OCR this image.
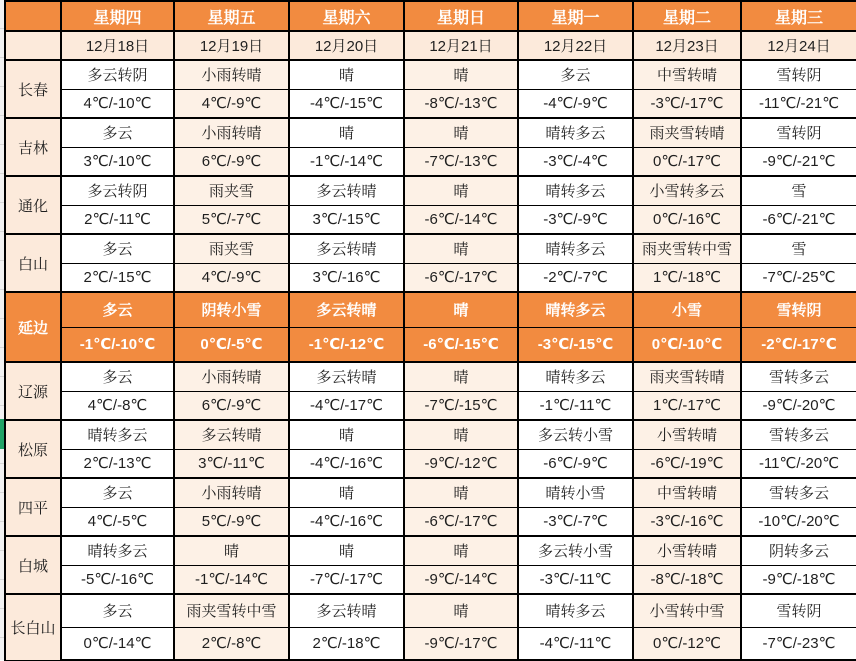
	星期四	星期五	星期六	星期日	星期一	星期二	星期三
	12月18日	12月19日	12月20日	12月21日	12月22日	12月23日	12月24日
长春	多云转阴	小雨转晴	晴	晴	多云	中雪转晴	雪转阴
	4℃/-10℃	4℃/-9℃	-4℃/-15℃	-8℃/-13℃	-4℃/-9℃	-3℃/-17℃	-11℃/-21℃
吉林	多云	小雨转晴	晴	晴	晴转多云	雨夹雪转晴	雪转阴
	3℃/-10℃	6℃/-9℃	-1℃/-14℃	-7℃/-13℃	-3℃/-4℃	0℃/-17℃	-9℃/-21℃
通化	多云转阴	雨夹雪	多云转晴	晴	晴转多云	小雪转多云	雪
	2℃/-11℃	5℃/-7℃	3℃/-15℃	-6℃/-14℃	-3℃/-9℃	0℃/-16℃	-6℃/-21℃
白山	多云	雨夹雪	多云转晴	晴	晴转多云	雨夹雪转中雪	雪
	2℃/-15℃	4℃/-9℃	3℃/-16℃	-6℃/-17℃	-2℃/-7℃	1℃/-18℃	-7℃/-25℃
延边	多云	阴转小雪	多云转晴	晴	晴转多云	小雪	雪转阴
	-1℃/-10℃	0℃/-5℃	-1℃/-12℃	-6℃/-15℃	-3℃/-15℃	0℃/-10℃	-2℃/-17℃
辽源	多云	小雨转晴	多云转晴	晴	晴转多云	雨夹雪转晴	雪转多云
	4℃/-8℃	6℃/-9℃	-4℃/-17℃	-7℃/-15℃	-1℃/-11℃	1℃/-17℃	-9℃/-20℃
松原	晴转多云	多云转晴	晴	晴	多云转小雪	小雪转晴	雪转多云
	2℃/-13℃	3℃/-11℃	-4℃/-16℃	-9℃/-12℃	-6℃/-9℃	-6℃/-19℃	-11℃/-20℃
四平	多云	小雨转晴	晴	晴	晴转小雪	中雪转晴	雪转多云
	4℃/-5℃	5℃/-9℃	-4℃/-16℃	-6℃/-17℃	-3℃/-7℃	-3℃/-16℃	-10℃/-20℃
白城	晴转多云	晴	晴	晴	多云转小雪	小雪转晴	阴转多云
	-5℃/-16℃	-1℃/-14℃	-7℃/-17℃	-9℃/-14℃	-3℃/-11℃	-8℃/-18℃	-9℃/-18℃
长白山	多云	雨夹雪转中雪	多云转晴	晴	晴转多云	小雪转中雪	雪转阴
	0℃/-14℃	2℃/-8℃	2℃/-18℃	-9℃/-17℃	-4℃/-11℃	0℃/-12℃	-7℃/-23℃
